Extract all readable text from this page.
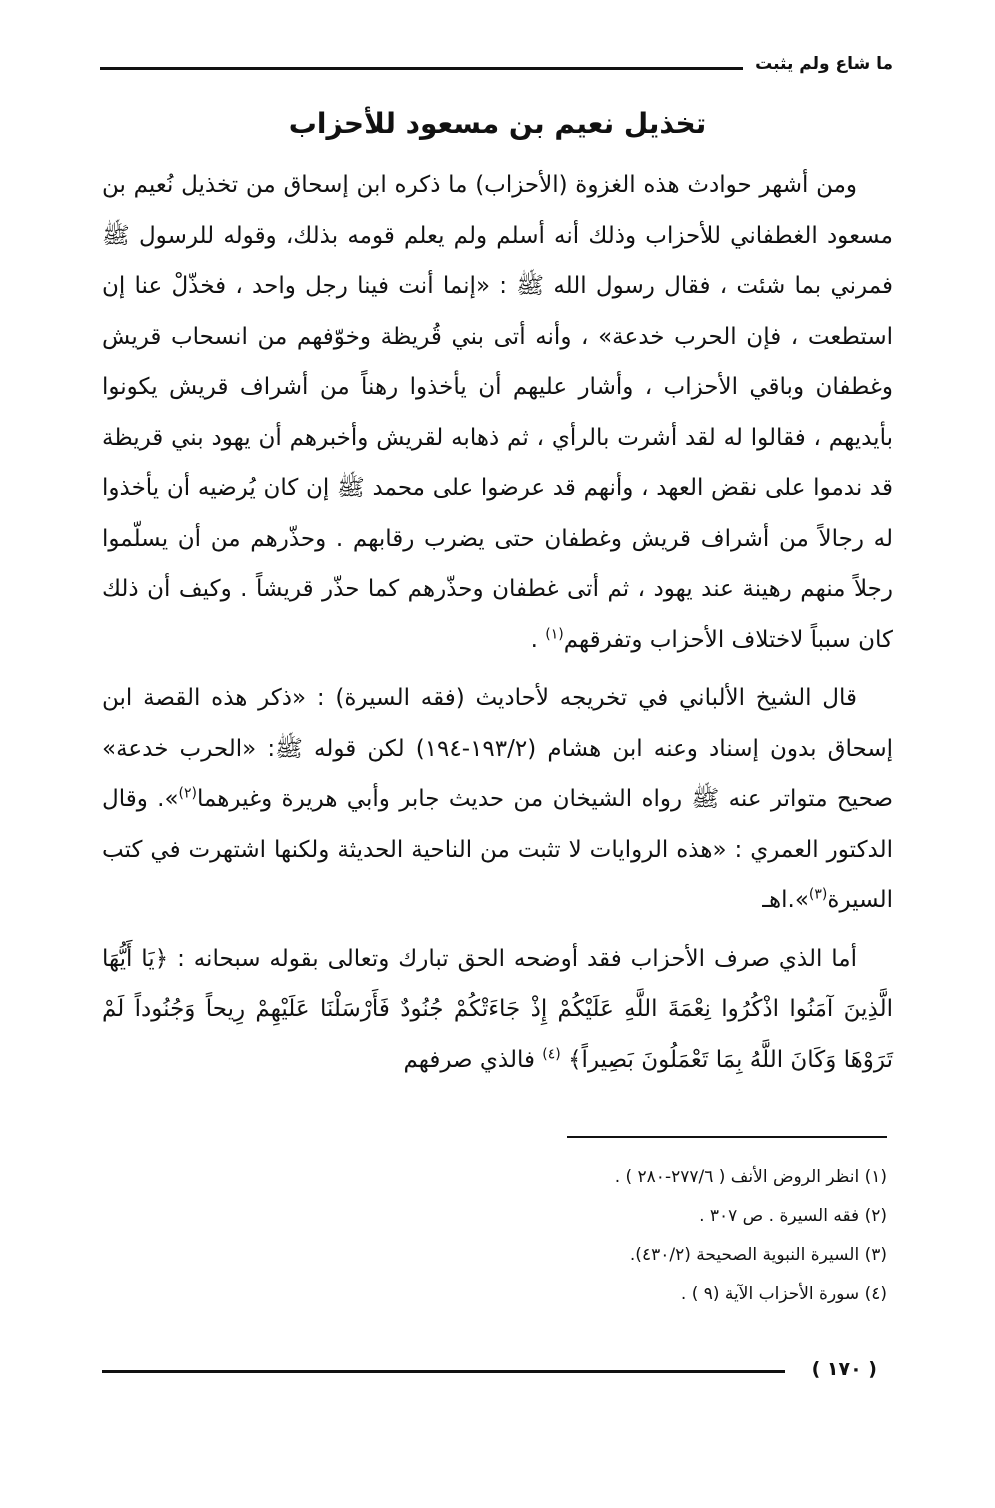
ما شاع ولم يثبت
تخذيل نعيم بن مسعود للأحزاب

ومن أشهر حوادث هذه الغزوة (الأحزاب) ما ذكره ابن إسحاق من تخذيل نُعيم بن مسعود الغطفاني للأحزاب وذلك أنه أسلم ولم يعلم قومه بذلك، وقوله للرسول ﷺ فمرني بما شئت ، فقال رسول الله ﷺ : «إنما أنت فينا رجل واحد ، فخذّلْ عنا إن استطعت ، فإن الحرب خدعة» ، وأنه أتى بني قُريظة وخوّفهم من انسحاب قريش وغطفان وباقي الأحزاب ، وأشار عليهم أن يأخذوا رهناً من أشراف قريش يكونوا بأيديهم ، فقالوا له لقد أشرت بالرأي ، ثم ذهابه لقريش وأخبرهم أن يهود بني قريظة قد ندموا على نقض العهد ، وأنهم قد عرضوا على محمد ﷺ إن كان يُرضيه أن يأخذوا له رجالاً من أشراف قريش وغطفان حتى يضرب رقابهم . وحذّرهم من أن يسلّموا رجلاً منهم رهينة عند يهود ، ثم أتى غطفان وحذّرهم كما حذّر قريشاً . وكيف أن ذلك كان سبباً لاختلاف الأحزاب وتفرقهم$^{(١)}$ .

قال الشيخ الألباني في تخريجه لأحاديث (فقه السيرة) : «ذكر هذه القصة ابن إسحاق بدون إسناد وعنه ابن هشام (١٩٣/٢-١٩٤) لكن قوله ﷺ: «الحرب خدعة» صحيح متواتر عنه ﷺ رواه الشيخان من حديث جابر وأبي هريرة وغيرهما$^{(٢)}$». وقال الدكتور العمري : «هذه الروايات لا تثبت من الناحية الحديثة ولكنها اشتهرت في كتب السيرة$^{(٣)}$».اهـ

أما الذي صرف الأحزاب فقد أوضحه الحق تبارك وتعالى بقوله سبحانه : ﴿يَا أَيُّهَا الَّذِينَ آمَنُوا اذْكُرُوا نِعْمَةَ اللَّهِ عَلَيْكُمْ إِذْ جَاءَتْكُمْ جُنُودٌ فَأَرْسَلْنَا عَلَيْهِمْ رِيحاً وَجُنُوداً لَمْ تَرَوْهَا وَكَانَ اللَّهُ بِمَا تَعْمَلُونَ بَصِيراً﴾ $^{(٤)}$ فالذي صرفهم

(١) انظر الروض الأنف ( ٢٧٧/٦-٢٨٠ ) .
(٢) فقه السيرة . ص ٣٠٧ .
(٣) السيرة النبوية الصحيحة (٤٣٠/٢).
(٤) سورة الأحزاب الآية (٩ ) .
( ١٧٠ )
